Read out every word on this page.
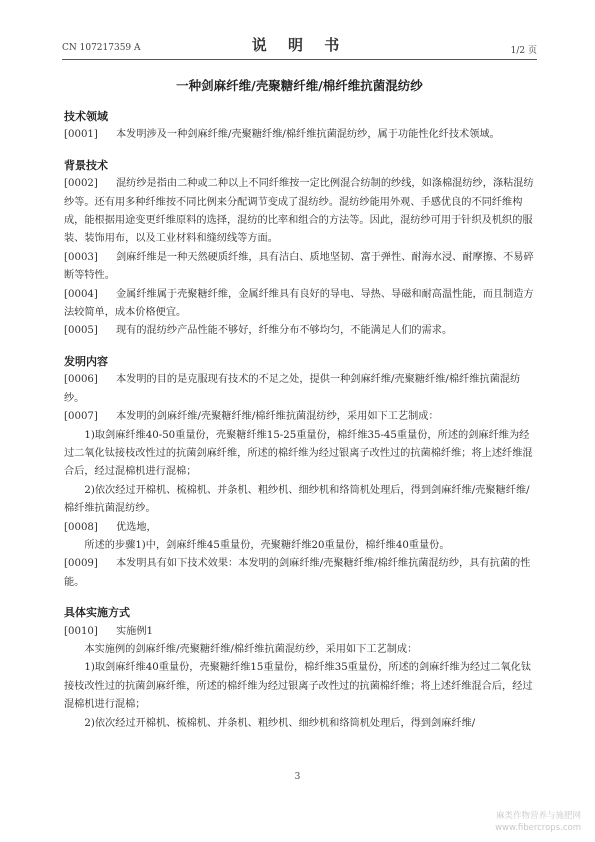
CN 107217359 A	说 明 书	1/2 页
一种剑麻纤维/壳聚糖纤维/棉纤维抗菌混纺纱

技术领域

[0001] 本发明涉及一种剑麻纤维/壳聚糖纤维/棉纤维抗菌混纺纱，属于功能性化纤技术领域。

背景技术

[0002] 混纺纱是指由二种或二种以上不同纤维按一定比例混合纺制的纱线，如涤棉混纺纱，涤粘混纺纱等。还有用多种纤维按不同比例来分配调节变成了混纺纱。混纺纱能用外观、手感优良的不同纤维构成，能根据用途变更纤维原料的选择，混纺的比率和组合的方法等。因此，混纺纱可用于针织及机织的服装、装饰用布，以及工业材料和缝纫线等方面。

[0003] 剑麻纤维是一种天然硬质纤维，具有洁白、质地坚韧、富于弹性、耐海水浸、耐摩擦、不易碎断等特性。

[0004] 金属纤维属于壳聚糖纤维，金属纤维具有良好的导电、导热、导磁和耐高温性能，而且制造方法较简单，成本价格便宜。

[0005] 现有的混纺纱产品性能不够好，纤维分布不够均匀，不能满足人们的需求。

发明内容

[0006] 本发明的目的是克服现有技术的不足之处，提供一种剑麻纤维/壳聚糖纤维/棉纤维抗菌混纺纱。

[0007] 本发明的剑麻纤维/壳聚糖纤维/棉纤维抗菌混纺纱，采用如下工艺制成：

1)取剑麻纤维40-50重量份，壳聚糖纤维15-25重量份，棉纤维35-45重量份，所述的剑麻纤维为经过二氧化钛接枝改性过的抗菌剑麻纤维，所述的棉纤维为经过银离子改性过的抗菌棉纤维；将上述纤维混合后，经过混棉机进行混棉；

2)依次经过开棉机、梳棉机、并条机、粗纱机、细纱机和络筒机处理后，得到剑麻纤维/壳聚糖纤维/棉纤维抗菌混纺纱。

[0008] 优选地，

所述的步骤1)中，剑麻纤维45重量份，壳聚糖纤维20重量份，棉纤维40重量份。

[0009] 本发明具有如下技术效果：本发明的剑麻纤维/壳聚糖纤维/棉纤维抗菌混纺纱，具有抗菌的性能。

具体实施方式

[0010] 实施例1

本实施例的剑麻纤维/壳聚糖纤维/棉纤维抗菌混纺纱，采用如下工艺制成：

1)取剑麻纤维40重量份，壳聚糖纤维15重量份，棉纤维35重量份，所述的剑麻纤维为经过二氧化钛接枝改性过的抗菌剑麻纤维，所述的棉纤维为经过银离子改性过的抗菌棉纤维；将上述纤维混合后，经过混棉机进行混棉；

2)依次经过开棉机、梳棉机、并条机、粗纱机、细纱机和络筒机处理后，得到剑麻纤维/

3
麻类作物营养与施肥网
www.fibercrops.com
